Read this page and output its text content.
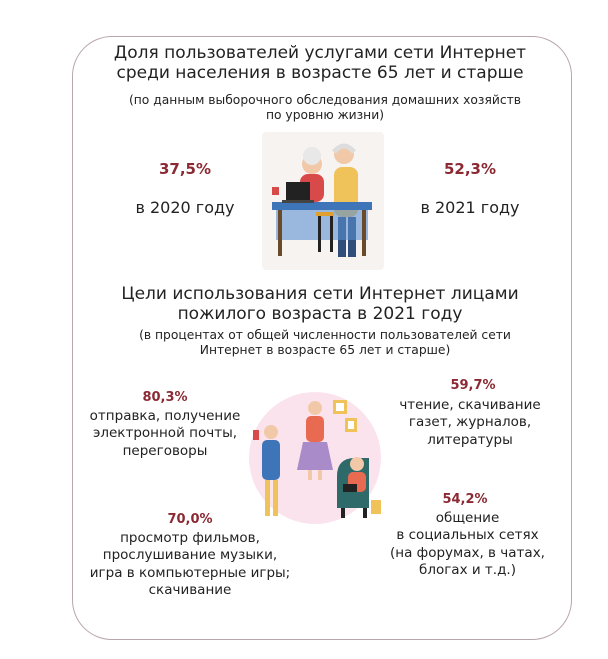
Доля пользователей услугами сети Интернет
среди населения в возрасте 65 лет и старше
(по данным выборочного обследования домашних хозяйств
по уровню жизни)
37,5%
в 2020 году
52,3%
в 2021 году
Цели использования сети Интернет лицами
пожилого возраста в 2021 году
(в процентах от общей численности пользователей сети
Интернет в возрасте 65 лет и старше)
80,3%
отправка, получение
электронной почты,
переговоры
59,7%
чтение, скачивание
газет, журналов,
литературы
70,0%
просмотр фильмов,
прослушивание музыки,
игра в компьютерные игры;
скачивание
54,2%
общение
в социальных сетях
(на форумах, в чатах,
блогах и т.д.)
